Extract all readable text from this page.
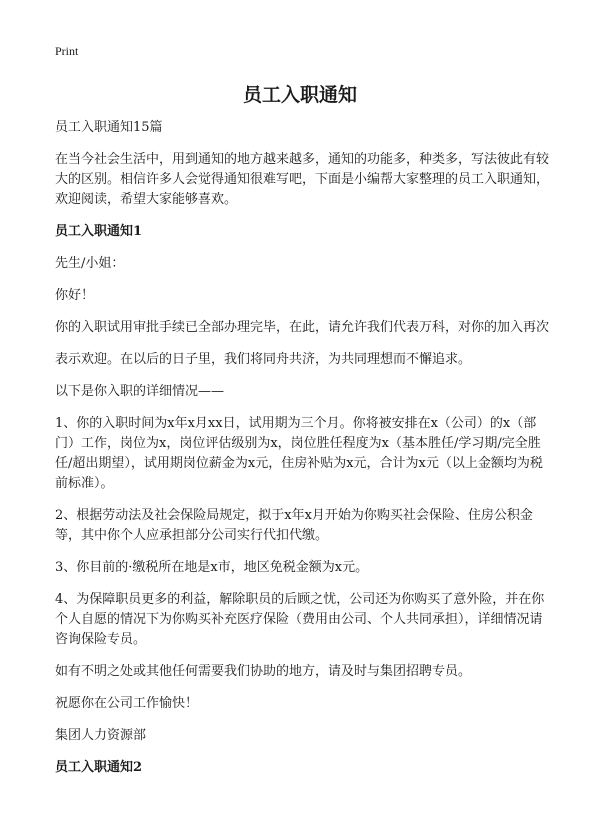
Print
员工入职通知

员工入职通知15篇

在当今社会生活中，用到通知的地方越来越多，通知的功能多，种类多，写法彼此有较大的区别。相信许多人会觉得通知很难写吧，下面是小编帮大家整理的员工入职通知，欢迎阅读，希望大家能够喜欢。

员工入职通知1

先生/小姐：

你好！

你的入职试用审批手续已全部办理完毕，在此，请允许我们代表万科，对你的加入再次

表示欢迎。在以后的日子里，我们将同舟共济，为共同理想而不懈追求。

以下是你入职的详细情况——

1、你的入职时间为x年x月xx日，试用期为三个月。你将被安排在x（公司）的x（部门）工作，岗位为x，岗位评估级别为x，岗位胜任程度为x（基本胜任/学习期/完全胜任/超出期望），试用期岗位薪金为x元，住房补贴为x元，合计为x元（以上金额均为税前标准）。

2、根据劳动法及社会保险局规定，拟于x年x月开始为你购买社会保险、住房公积金等，其中你个人应承担部分公司实行代扣代缴。

3、你目前的·缴税所在地是x市，地区免税金额为x元。

4、为保障职员更多的利益，解除职员的后顾之忧，公司还为你购买了意外险，并在你个人自愿的情况下为你购买补充医疗保险（费用由公司、个人共同承担），详细情况请咨询保险专员。

如有不明之处或其他任何需要我们协助的地方，请及时与集团招聘专员。

祝愿你在公司工作愉快！

集团人力资源部

员工入职通知2
